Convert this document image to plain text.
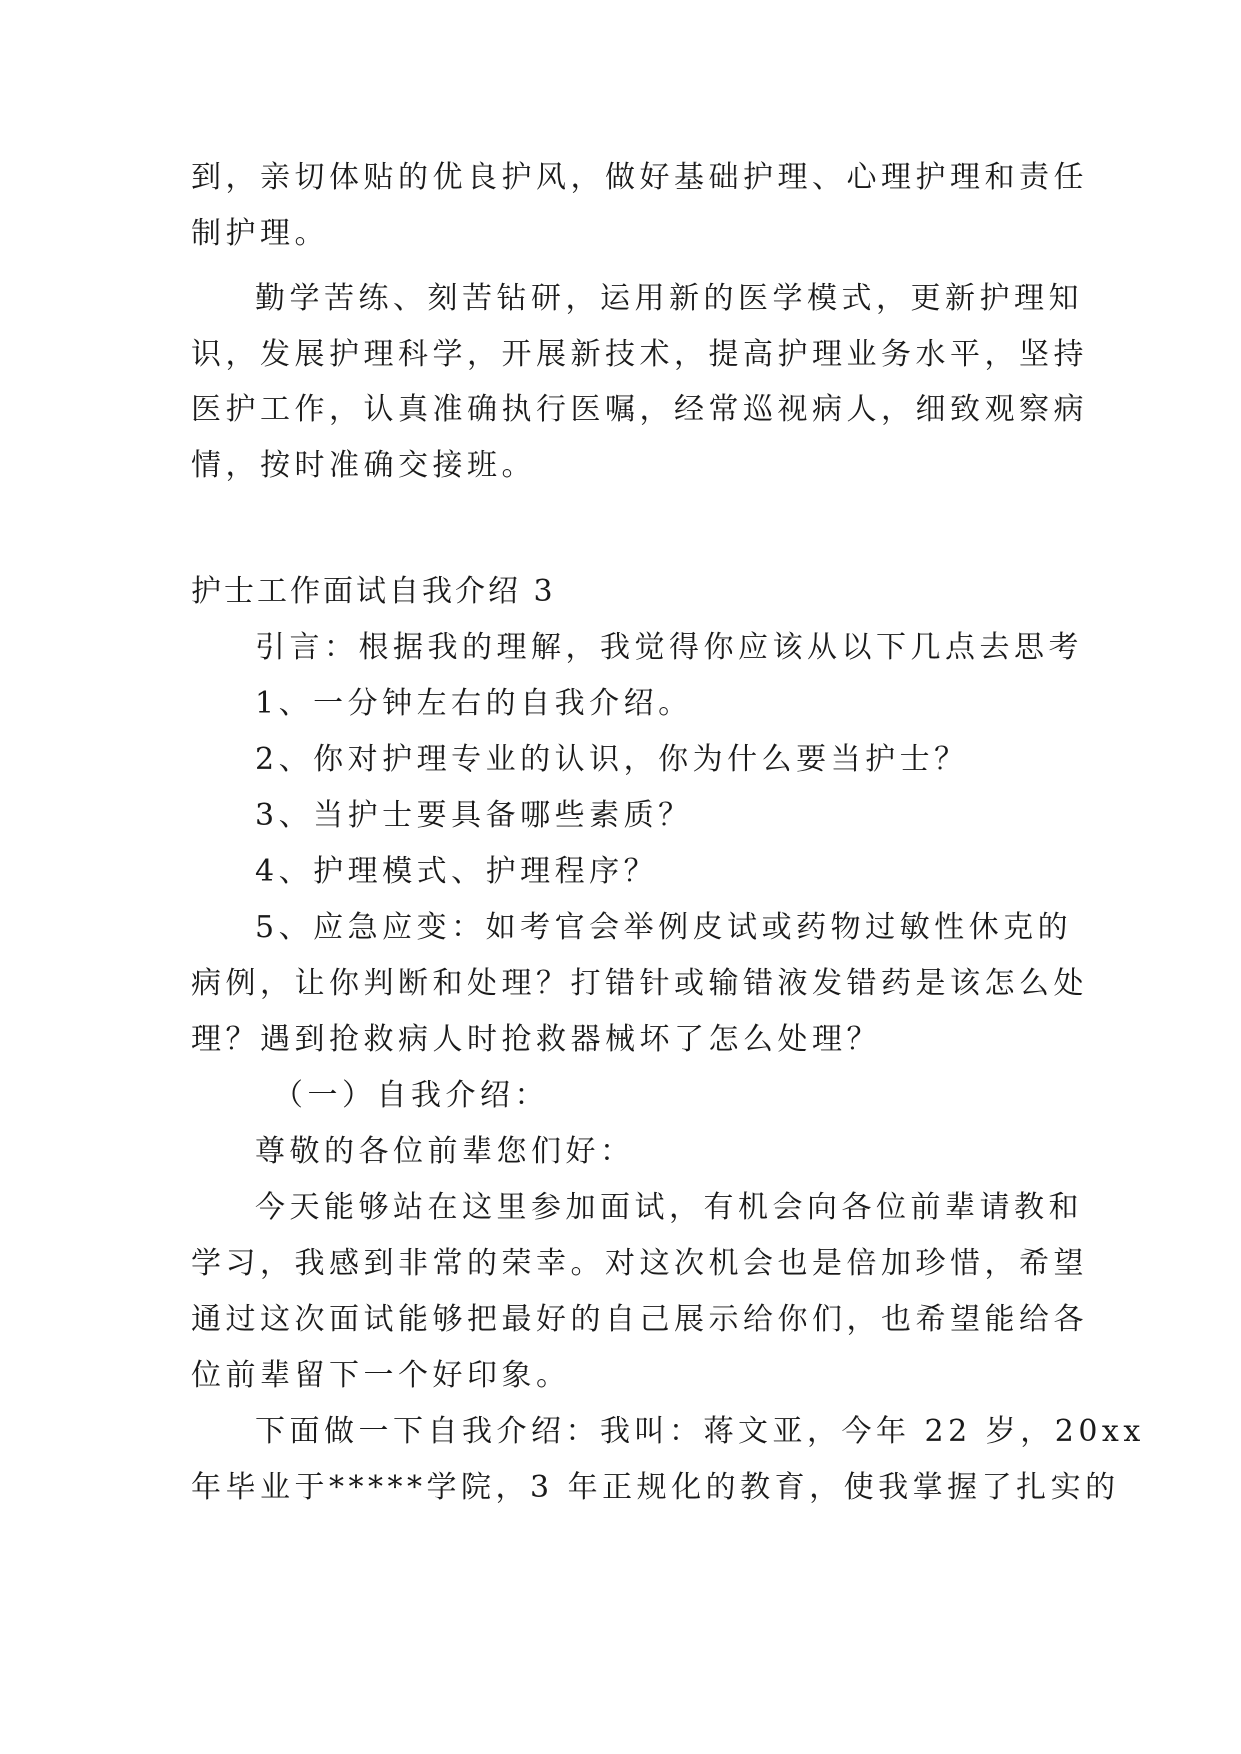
到，亲切体贴的优良护风，做好基础护理、心理护理和责任
制护理。
勤学苦练、刻苦钻研，运用新的医学模式，更新护理知
识，发展护理科学，开展新技术，提高护理业务水平，坚持
医护工作，认真准确执行医嘱，经常巡视病人，细致观察病
情，按时准确交接班。
护士工作面试自我介绍 3
引言：根据我的理解，我觉得你应该从以下几点去思考
1、一分钟左右的自我介绍。
2、你对护理专业的认识，你为什么要当护士？
3、当护士要具备哪些素质？
4、护理模式、护理程序？
5、应急应变：如考官会举例皮试或药物过敏性休克的
病例，让你判断和处理？打错针或输错液发错药是该怎么处
理？遇到抢救病人时抢救器械坏了怎么处理？
（一）自我介绍：
尊敬的各位前辈您们好：
今天能够站在这里参加面试，有机会向各位前辈请教和
学习，我感到非常的荣幸。对这次机会也是倍加珍惜，希望
通过这次面试能够把最好的自己展示给你们，也希望能给各
位前辈留下一个好印象。
下面做一下自我介绍：我叫：蒋文亚，今年 22 岁，20xx
年毕业于*****学院，3 年正规化的教育，使我掌握了扎实的
